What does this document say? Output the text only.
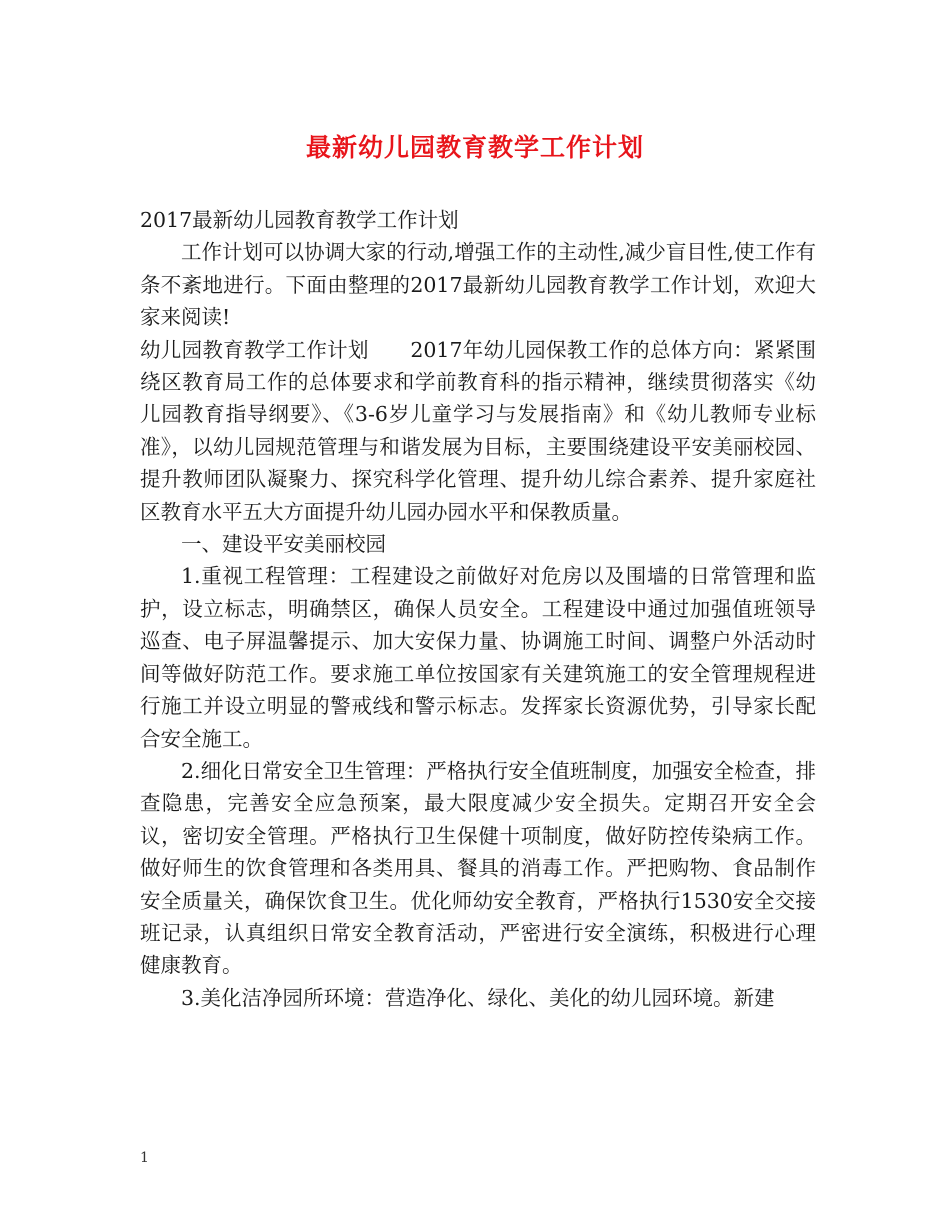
最新幼儿园教育教学工作计划

2017最新幼儿园教育教学工作计划

工作计划可以协调大家的行动,增强工作的主动性,减少盲目性,使工作有条不紊地进行。下面由整理的2017最新幼儿园教育教学工作计划，欢迎大家来阅读!

幼儿园教育教学工作计划　　2017年幼儿园保教工作的总体方向：紧紧围绕区教育局工作的总体要求和学前教育科的指示精神，继续贯彻落实《幼儿园教育指导纲要》、《3-6岁儿童学习与发展指南》和《幼儿教师专业标准》，以幼儿园规范管理与和谐发展为目标，主要围绕建设平安美丽校园、提升教师团队凝聚力、探究科学化管理、提升幼儿综合素养、提升家庭社区教育水平五大方面提升幼儿园办园水平和保教质量。

一、建设平安美丽校园

1.重视工程管理：工程建设之前做好对危房以及围墙的日常管理和监护，设立标志，明确禁区，确保人员安全。工程建设中通过加强值班领导巡查、电子屏温馨提示、加大安保力量、协调施工时间、调整户外活动时间等做好防范工作。要求施工单位按国家有关建筑施工的安全管理规程进行施工并设立明显的警戒线和警示标志。发挥家长资源优势，引导家长配合安全施工。

2.细化日常安全卫生管理：严格执行安全值班制度，加强安全检查，排查隐患，完善安全应急预案，最大限度减少安全损失。定期召开安全会议，密切安全管理。严格执行卫生保健十项制度，做好防控传染病工作。做好师生的饮食管理和各类用具、餐具的消毒工作。严把购物、食品制作安全质量关，确保饮食卫生。优化师幼安全教育，严格执行1530安全交接班记录，认真组织日常安全教育活动，严密进行安全演练，积极进行心理健康教育。

3.美化洁净园所环境：营造净化、绿化、美化的幼儿园环境。新建

1
